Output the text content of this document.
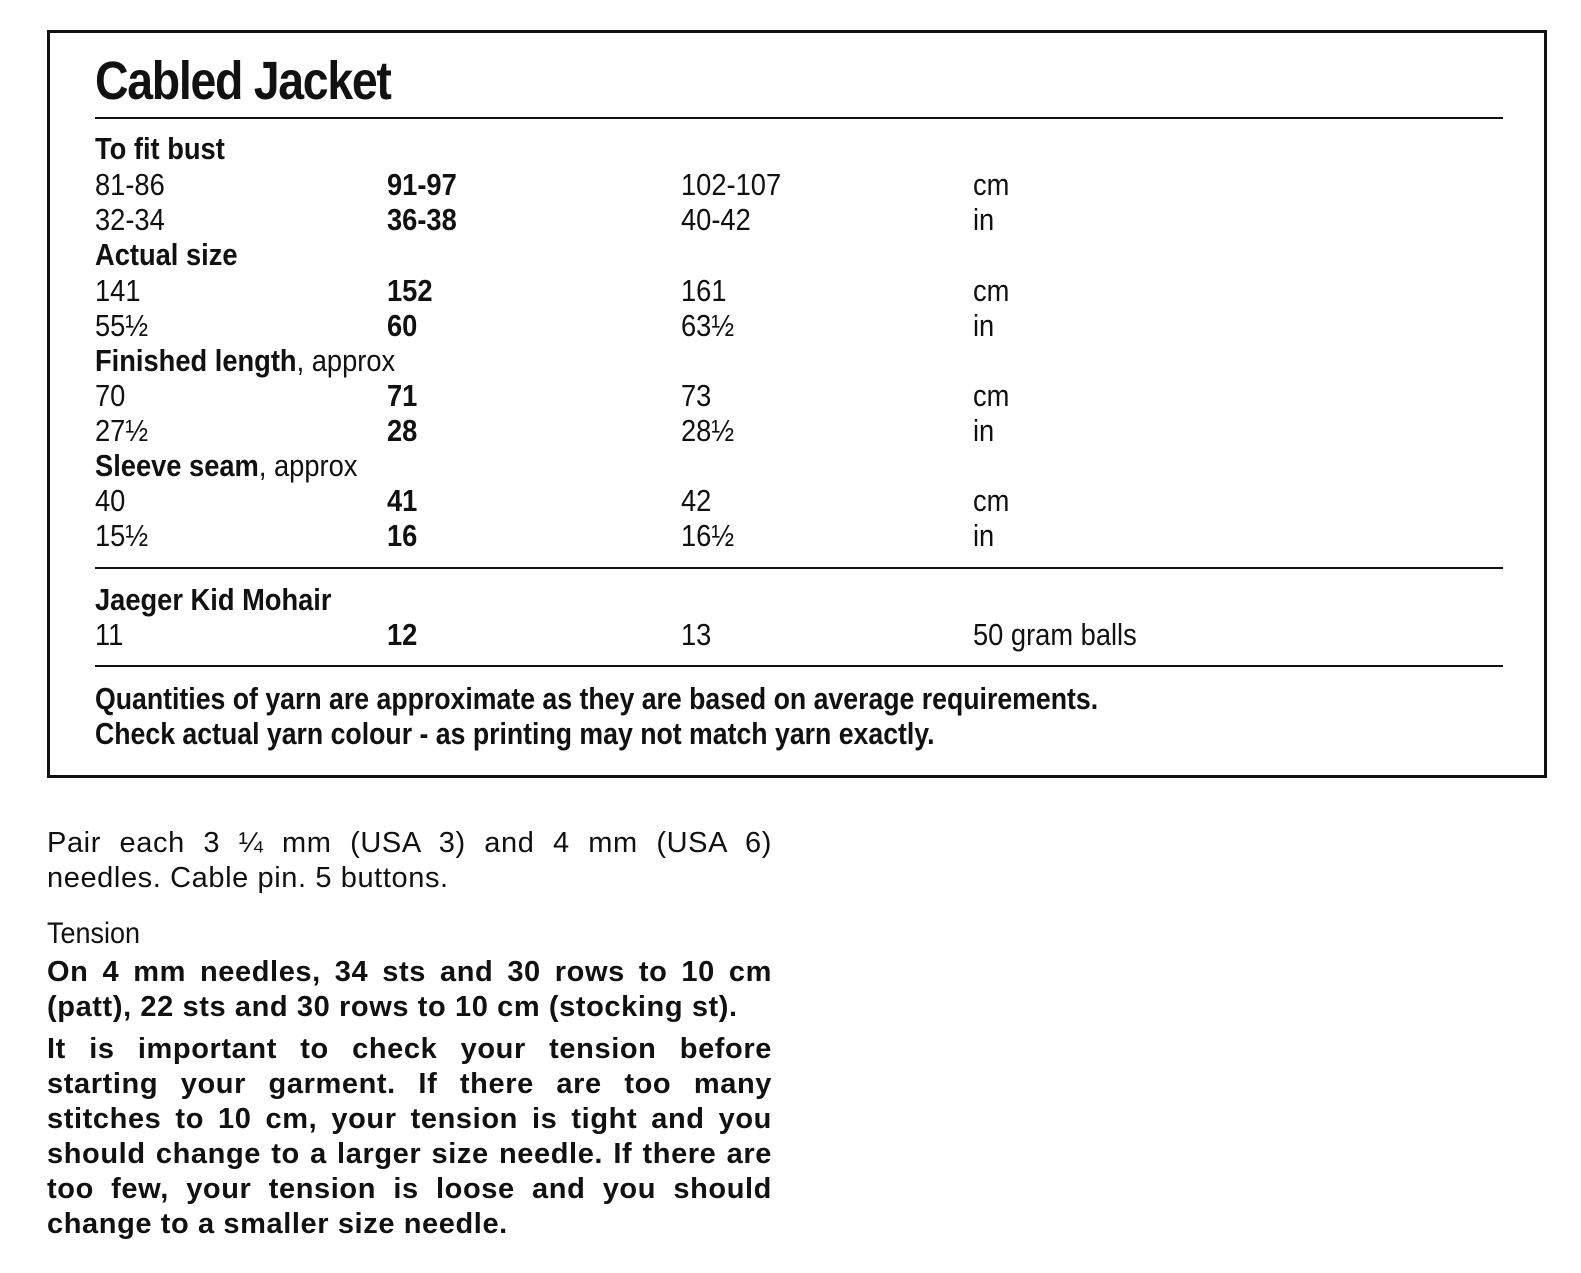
Cabled Jacket
To fit bust
81-86	91-97	102-107	cm
32-34	36-38	40-42	in
Actual size
141	152	161	cm
55½	60	63½	in
Finished length, approx
70	71	73	cm
27½	28	28½	in
Sleeve seam, approx
40	41	42	cm
15½	16	16½	in
Jaeger Kid Mohair
11	12	13	50 gram balls
Quantities of yarn are approximate as they are based on average requirements.
Check actual yarn colour - as printing may not match yarn exactly.
Pair each 3 ¼ mm (USA 3) and 4 mm (USA 6) needles. Cable pin. 5 buttons.
Tension
On 4 mm needles, 34 sts and 30 rows to 10 cm (patt), 22 sts and 30 rows to 10 cm (stocking st).
It is important to check your tension before starting your garment. If there are too many stitches to 10 cm, your tension is tight and you should change to a larger size needle. If there are too few, your tension is loose and you should change to a smaller size needle.
